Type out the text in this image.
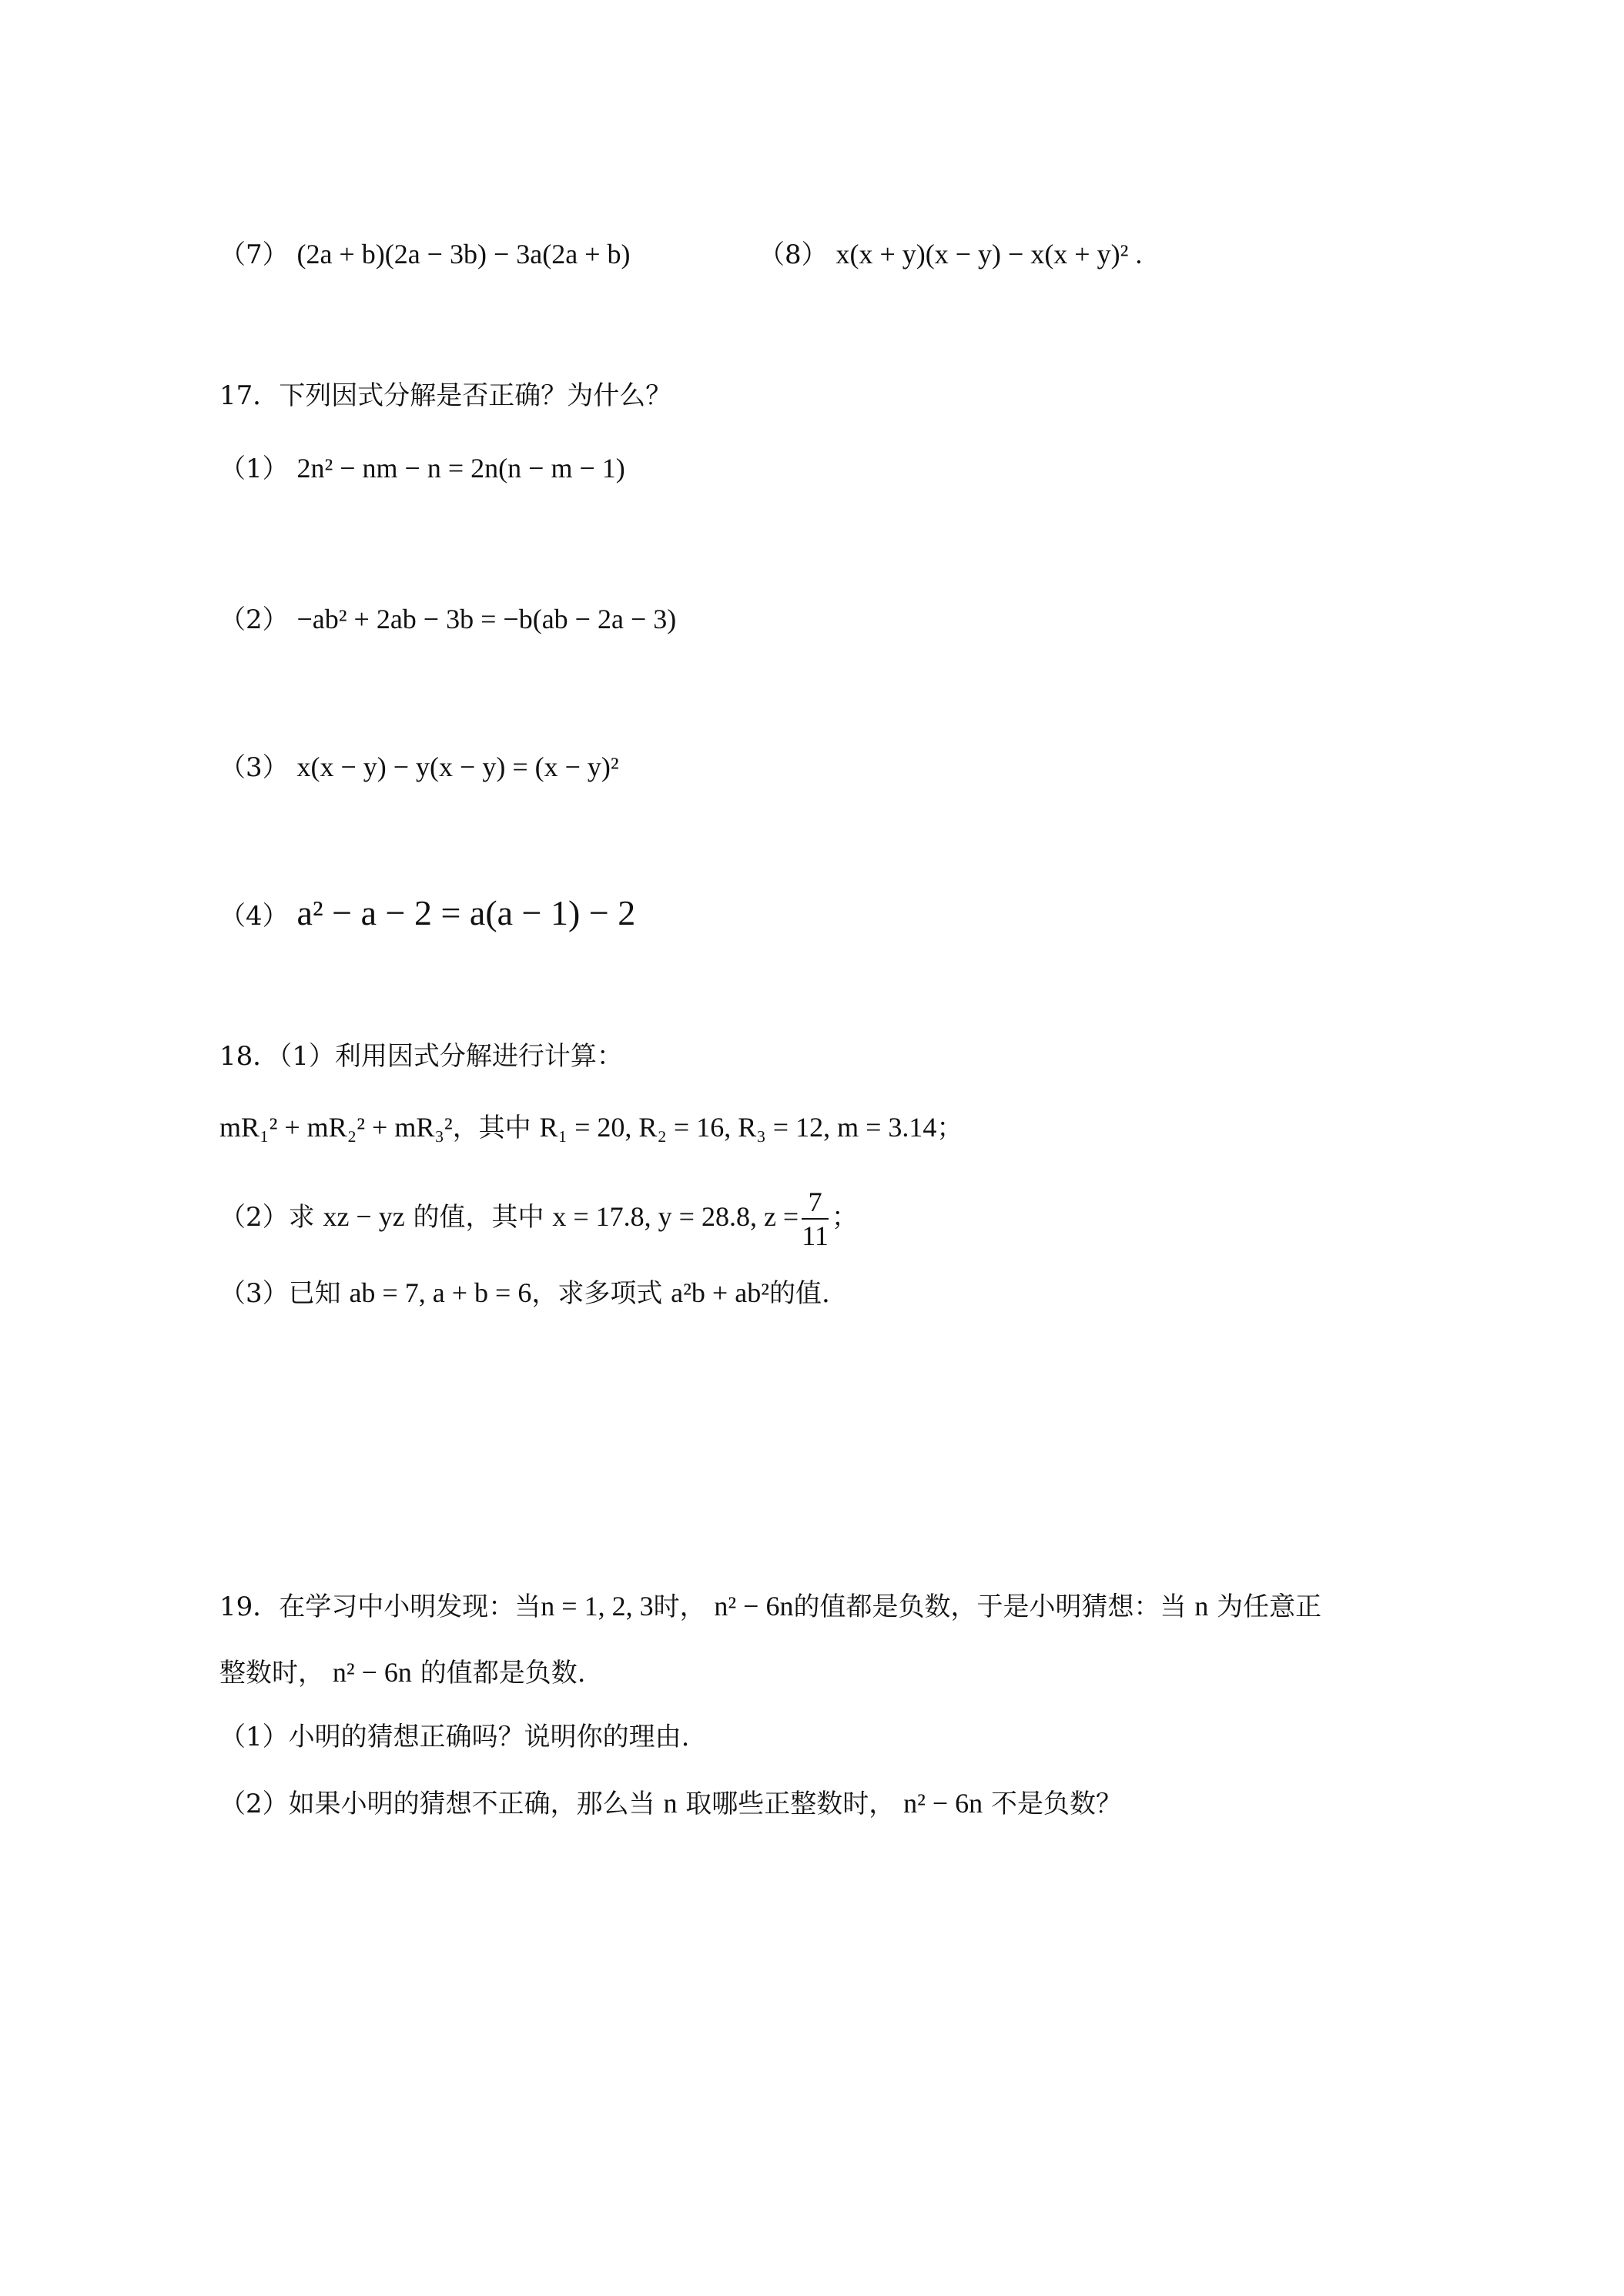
（7） (2a + b)(2a − 3b) − 3a(2a + b)	（8） x(x + y)(x − y) − x(x + y)² .
17．下列因式分解是否正确？为什么？
（1） 2n² − nm − n = 2n(n − m − 1)
（2） −ab² + 2ab − 3b = −b(ab − 2a − 3)
（3） x(x − y) − y(x − y) = (x − y)²
（4） a² − a − 2 = a(a − 1) − 2
18．（1）利用因式分解进行计算：
mR₁² + mR₂² + mR₃²，其中 R₁ = 20, R₂ = 16, R₃ = 12, m = 3.14；
（2）求 xz − yz 的值，其中 x = 17.8, y = 28.8, $z = \frac{7}{11}$ ；
（3）已知 ab = 7, a + b = 6，求多项式 a²b + ab²的值.
19．在学习中小明发现：当n = 1, 2, 3时， n² − 6n的值都是负数，于是小明猜想：当 n 为任意正
整数时， n² − 6n 的值都是负数.
（1）小明的猜想正确吗？说明你的理由.
（2）如果小明的猜想不正确，那么当 n 取哪些正整数时， n² − 6n 不是负数？
